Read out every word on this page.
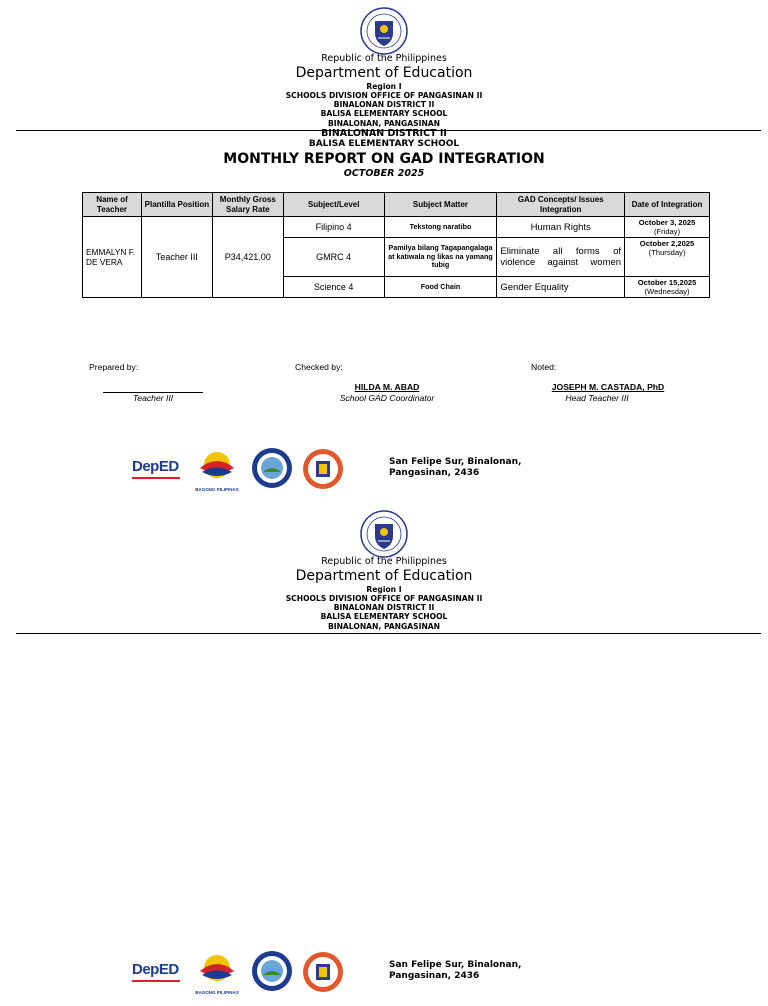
Republic of the Philippines
Department of Education
Region I
SCHOOLS DIVISION OFFICE OF PANGASINAN II
BINALONAN DISTRICT II
BALISA ELEMENTARY SCHOOL
BINALONAN, PANGASINAN
BINALONAN DISTRICT II
BALISA ELEMENTARY SCHOOL
MONTHLY REPORT ON GAD INTEGRATION
OCTOBER 2025
Name of Teacher	Plantilla Position	Monthly Gross Salary Rate	Subject/Level	Subject Matter	GAD Concepts/ Issues Integration	Date of Integration
EMMALYN F. DE VERA	Teacher III	P34,421.00	Filipino 4	Tekstong naratibo	Human Rights	October 3, 2025
(Friday)
			GMRC 4	Pamilya bilang Tagapangalaga at katiwala ng likas na yamang tubig	Eliminate all forms of violence against women	October 2,2025
(Thursday)
			Science 4	Food Chain	Gender Equality	October 15,2025
(Wednesday)
Prepared by:	Checked by:	Noted:
Teacher III
HILDA M. ABAD
School GAD Coordinator
JOSEPH M. CASTADA, PhD
Head Teacher III
DepED
BAGONG PILIPINAS
San Felipe Sur, Binalonan,
Pangasinan, 2436
Republic of the Philippines
Department of Education
Region I
SCHOOLS DIVISION OFFICE OF PANGASINAN II
BINALONAN DISTRICT II
BALISA ELEMENTARY SCHOOL
BINALONAN, PANGASINAN
DepED
BAGONG PILIPINAS
San Felipe Sur, Binalonan,
Pangasinan, 2436
